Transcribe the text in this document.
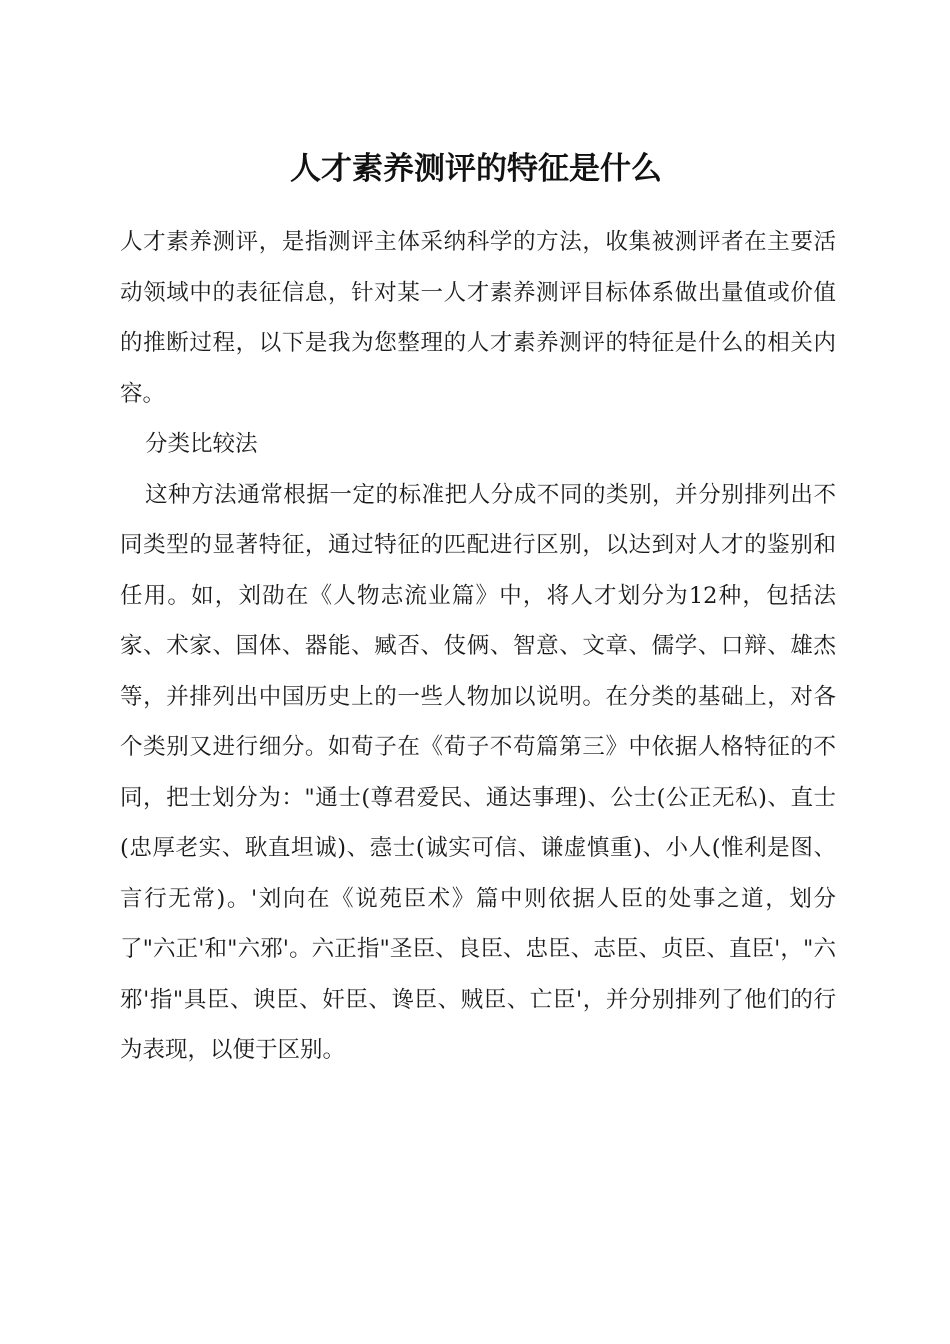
人才素养测评的特征是什么

人才素养测评，是指测评主体采纳科学的方法，收集被测评者在主要活动领域中的表征信息，针对某一人才素养测评目标体系做出量值或价值的推断过程，以下是我为您整理的人才素养测评的特征是什么的相关内容。

分类比较法

这种方法通常根据一定的标准把人分成不同的类别，并分别排列出不同类型的显著特征，通过特征的匹配进行区别，以达到对人才的鉴别和任用。如，刘劭在《人物志流业篇》中，将人才划分为12种，包括法家、术家、国体、器能、臧否、伎俩、智意、文章、儒学、口辩、雄杰等，并排列出中国历史上的一些人物加以说明。在分类的基础上，对各个类别又进行细分。如荀子在《荀子不苟篇第三》中依据人格特征的不同，把士划分为："通士(尊君爱民、通达事理)、公士(公正无私)、直士(忠厚老实、耿直坦诚)、悫士(诚实可信、谦虚慎重)、小人(惟利是图、言行无常)。'刘向在《说苑臣术》篇中则依据人臣的处事之道，划分了"六正'和"六邪'。六正指"圣臣、良臣、忠臣、志臣、贞臣、直臣'，"六邪'指"具臣、谀臣、奸臣、谗臣、贼臣、亡臣'，并分别排列了他们的行为表现，以便于区别。
